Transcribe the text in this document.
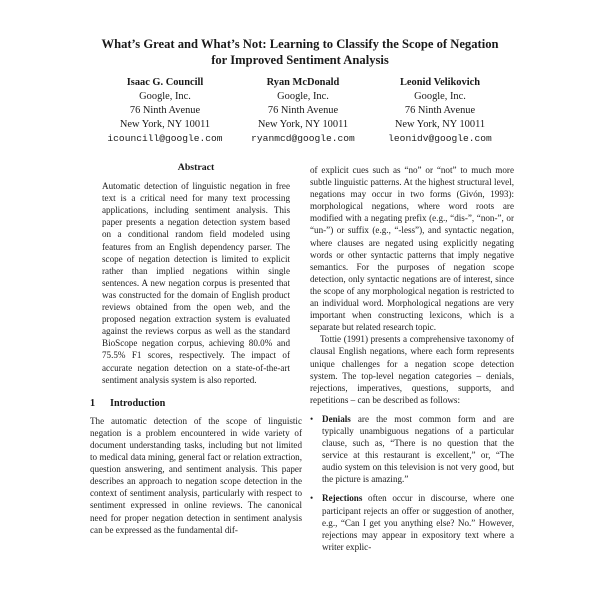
What’s Great and What’s Not: Learning to Classify the Scope of Negation
for Improved Sentiment Analysis
Isaac G. Councill
Google, Inc.
76 Ninth Avenue
New York, NY 10011
icouncill@google.com
Ryan McDonald
Google, Inc.
76 Ninth Avenue
New York, NY 10011
ryanmcd@google.com
Leonid Velikovich
Google, Inc.
76 Ninth Avenue
New York, NY 10011
leonidv@google.com
Abstract

Automatic detection of linguistic negation in free text is a critical need for many text processing applications, including sentiment analysis. This paper presents a negation detection system based on a conditional random field modeled using features from an English dependency parser. The scope of negation detection is limited to explicit rather than implied negations within single sentences. A new negation corpus is presented that was constructed for the domain of English product reviews obtained from the open web, and the proposed negation extraction system is evaluated against the reviews corpus as well as the standard BioScope negation corpus, achieving 80.0% and 75.5% F1 scores, respectively. The impact of accurate negation detection on a state-of-the-art sentiment analysis system is also reported.

1 Introduction

The automatic detection of the scope of linguistic negation is a problem encountered in wide variety of document understanding tasks, including but not limited to medical data mining, general fact or relation extraction, question answering, and sentiment analysis. This paper describes an approach to negation scope detection in the context of sentiment analysis, particularly with respect to sentiment expressed in online reviews. The canonical need for proper negation detection in sentiment analysis can be expressed as the fundamental dif-

of explicit cues such as “no” or “not” to much more subtle linguistic patterns. At the highest structural level, negations may occur in two forms (Givón, 1993): morphological negations, where word roots are modified with a negating prefix (e.g., “dis-”, “non-”, or “un-”) or suffix (e.g., “-less”), and syntactic negation, where clauses are negated using explicitly negating words or other syntactic patterns that imply negative semantics. For the purposes of negation scope detection, only syntactic negations are of interest, since the scope of any morphological negation is restricted to an individual word. Morphological negations are very important when constructing lexicons, which is a separate but related research topic.

Tottie (1991) presents a comprehensive taxonomy of clausal English negations, where each form represents unique challenges for a negation scope detection system. The top-level negation categories – denials, rejections, imperatives, questions, supports, and repetitions – can be described as follows:

• Denials are the most common form and are typically unambiguous negations of a particular clause, such as, “There is no question that the service at this restaurant is excellent,” or, “The audio system on this television is not very good, but the picture is amazing.”
• Rejections often occur in discourse, where one participant rejects an offer or suggestion of another, e.g., “Can I get you anything else? No.” However, rejections may appear in expository text where a writer explic-
